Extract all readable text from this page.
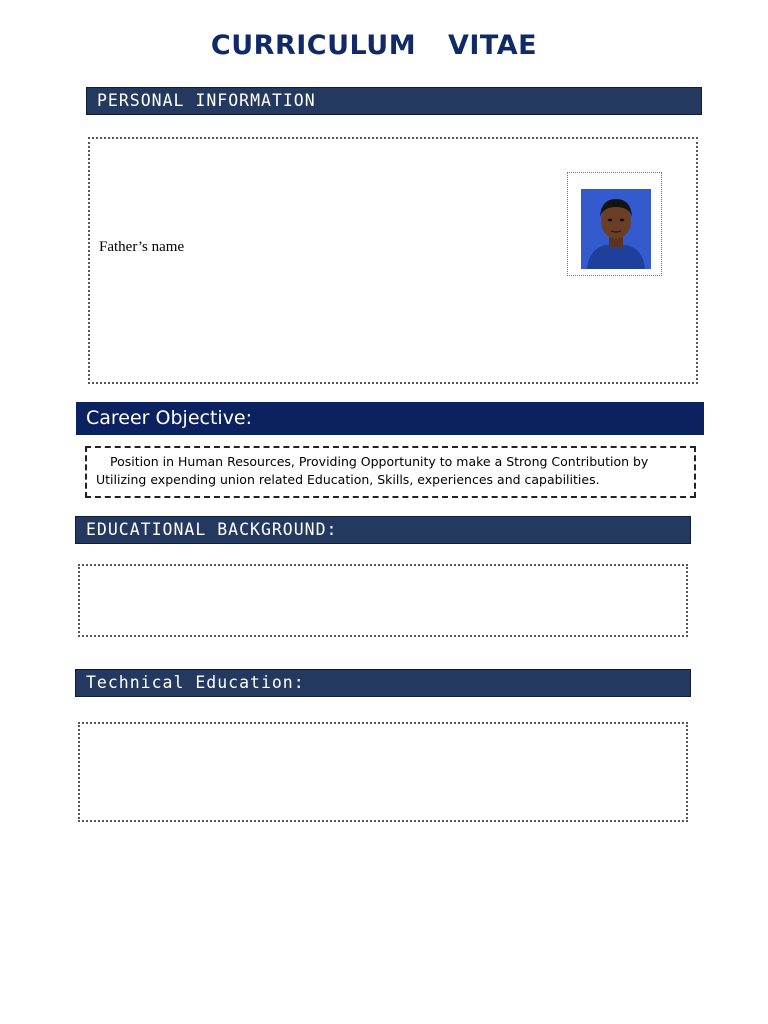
CURRICULUM VITAE
PERSONAL INFORMATION
Father’s name
Career Objective:
Position in Human Resources, Providing Opportunity to make a Strong Contribution by Utilizing expending union related Education, Skills, experiences and capabilities.
EDUCATIONAL BACKGROUND:
Technical Education:
